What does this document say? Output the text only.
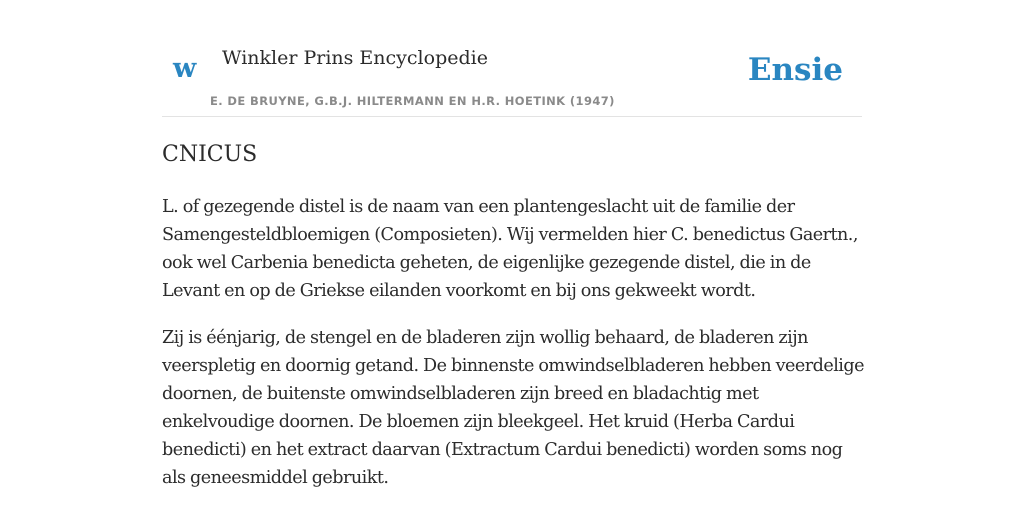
w Winkler Prins Encyclopedie
E. DE BRUYNE, G.B.J. HILTERMANN EN H.R. HOETINK (1947)
Ensie
CNICUS

L. of gezegende distel is de naam van een plantengeslacht uit de familie der Samengesteldbloemigen (Composieten). Wij vermelden hier C. benedictus Gaertn., ook wel Carbenia benedicta geheten, de eigenlijke gezegende distel, die in de Levant en op de Griekse eilanden voorkomt en bij ons gekweekt wordt.

Zij is éénjarig, de stengel en de bladeren zijn wollig behaard, de bladeren zijn veerspletig en doornig getand. De binnenste omwindselbladeren hebben veerdelige doornen, de buitenste omwindselbladeren zijn breed en bladachtig met enkelvoudige doornen. De bloemen zijn bleekgeel. Het kruid (Herba Cardui benedicti) en het extract daarvan (Extractum Cardui benedicti) worden soms nog als geneesmiddel gebruikt.
